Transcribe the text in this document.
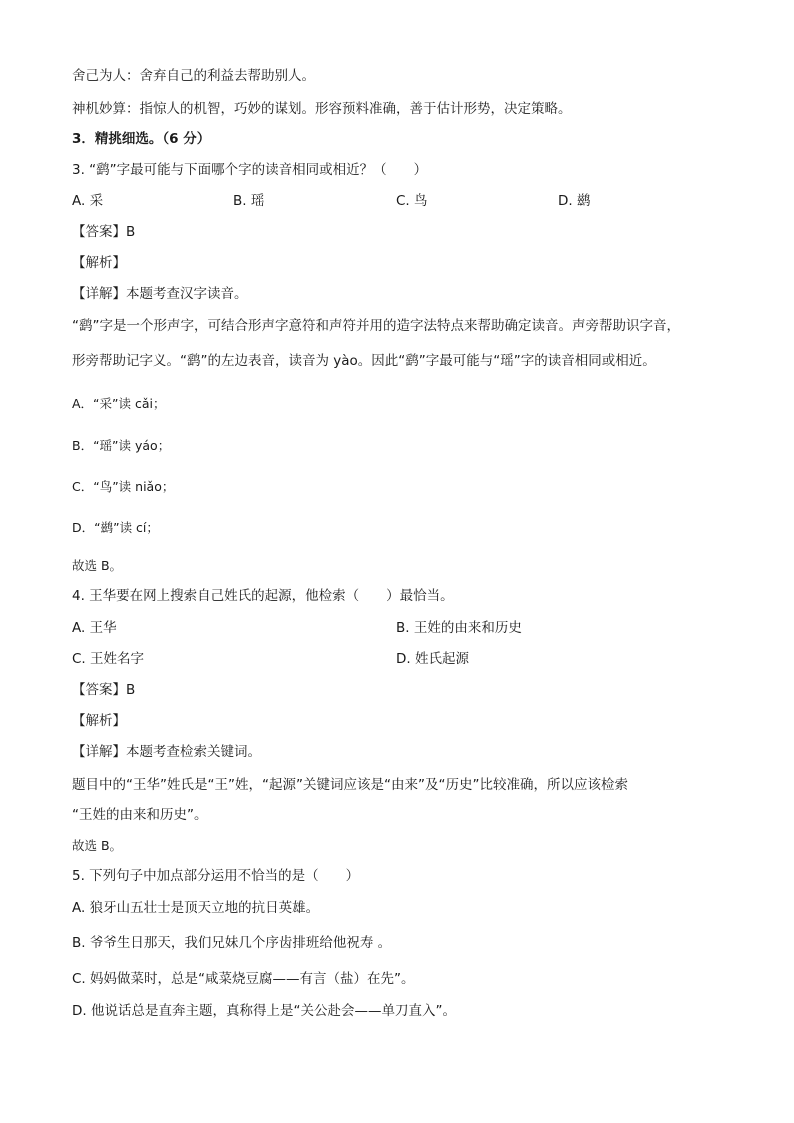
舍己为人：舍弃自己的利益去帮助别人。
神机妙算：指惊人的机智，巧妙的谋划。形容预料准确，善于估计形势，决定策略。
3．精挑细选。（6 分）
3. “鹞”字最可能与下面哪个字的读音相同或相近？（　　）
A. 采	B. 瑶	C. 鸟	D. 鹚
【答案】B
【解析】
【详解】本题考查汉字读音。
“鹞”字是一个形声字，可结合形声字意符和声符并用的造字法特点来帮助确定读音。声旁帮助识字音，
形旁帮助记字义。“鹞”的左边表音，读音为 yào。因此“鹞”字最可能与“瑶”字的读音相同或相近。
A．“采”读 cǎi；
B．“瑶”读 yáo；
C．“鸟”读 niǎo；
D．“鹚”读 cí；
故选 B。
4. 王华要在网上搜索自己姓氏的起源，他检索（　　）最恰当。
A. 王华	B. 王姓的由来和历史
C. 王姓名字	D. 姓氏起源
【答案】B
【解析】
【详解】本题考查检索关键词。
题目中的“王华”姓氏是“王”姓，“起源”关键词应该是“由来”及“历史”比较准确，所以应该检索
“王姓的由来和历史”。
故选 B。
5. 下列句子中加点部分运用不恰当的是（　　）
A. 狼牙山五壮士是顶天立地的抗日英雄。
B. 爷爷生日那天，我们兄妹几个序齿排班给他祝寿 。
C. 妈妈做菜时，总是“咸菜烧豆腐——有言（盐）在先”。
D. 他说话总是直奔主题，真称得上是“关公赴会——单刀直入”。
